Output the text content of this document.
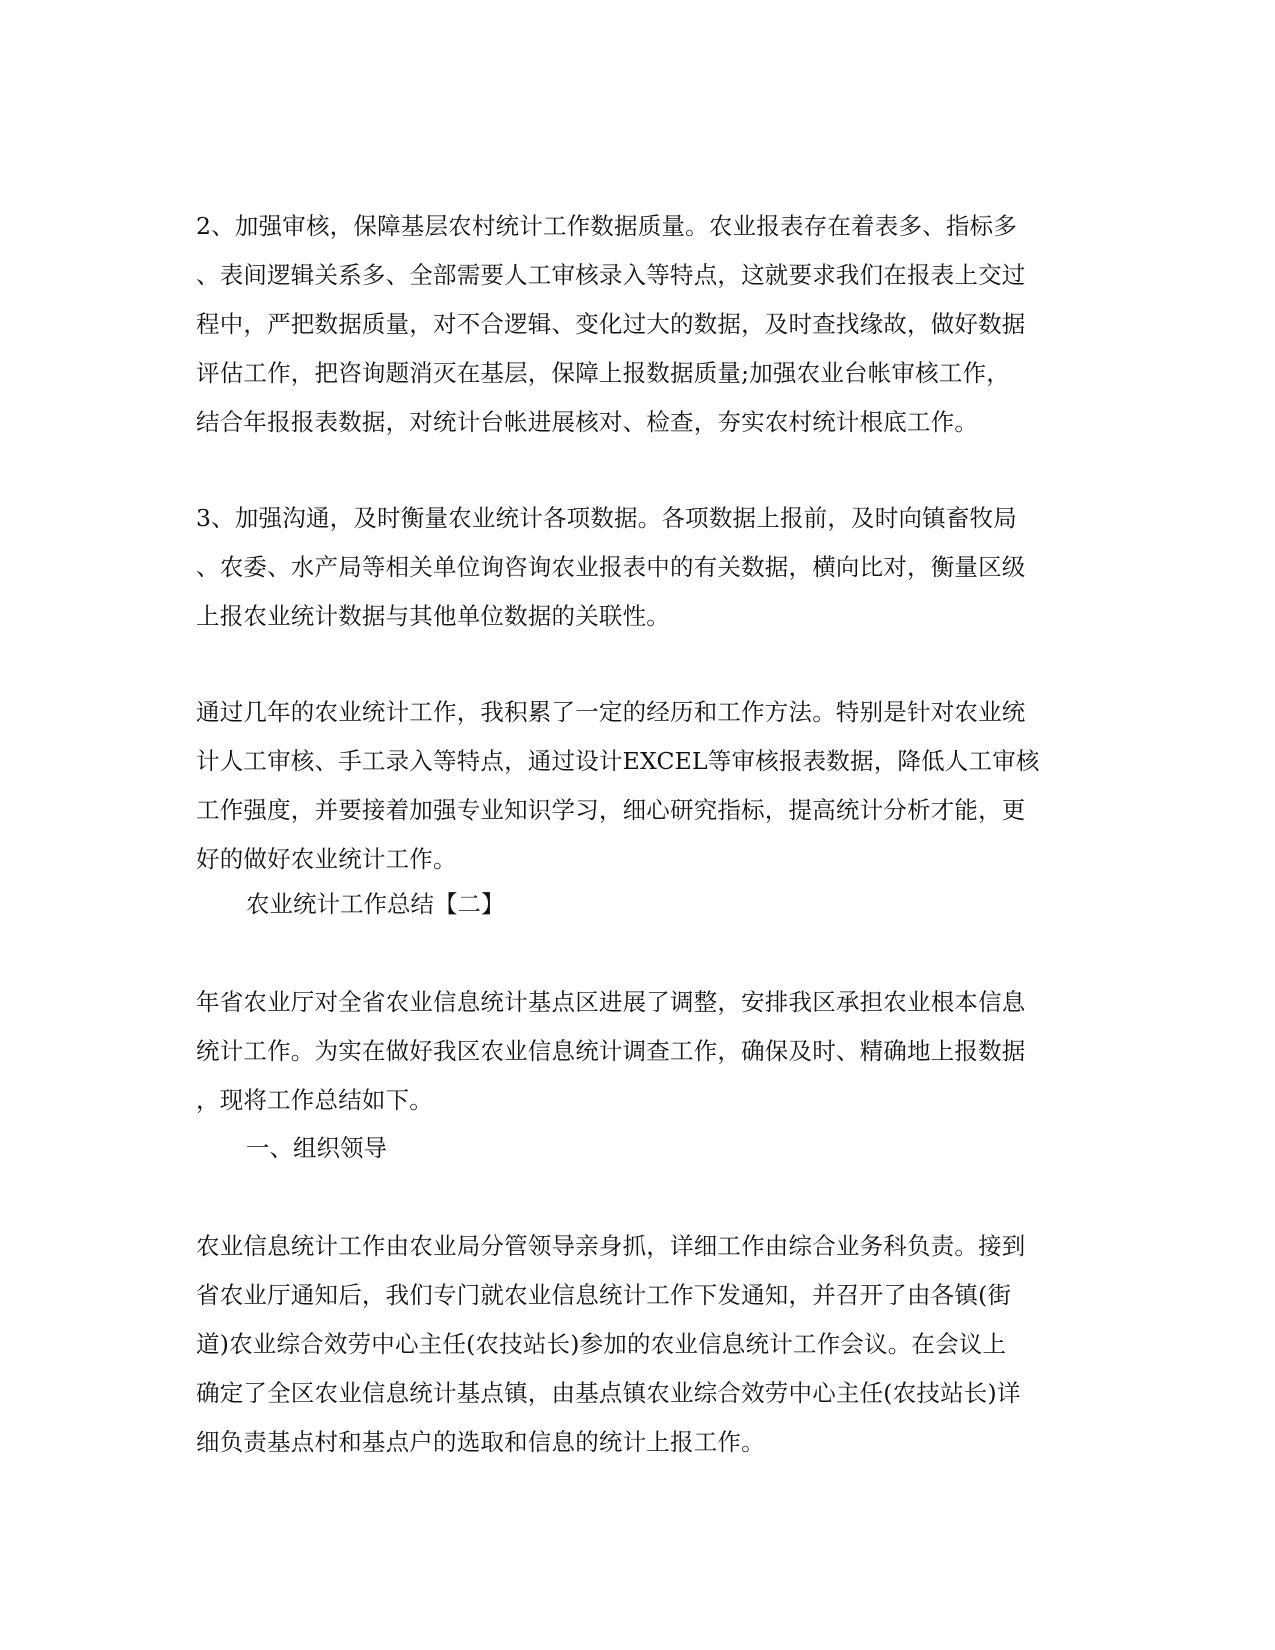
2、加强审核，保障基层农村统计工作数据质量。农业报表存在着表多、指标多
、表间逻辑关系多、全部需要人工审核录入等特点，这就要求我们在报表上交过
程中，严把数据质量，对不合逻辑、变化过大的数据，及时查找缘故，做好数据
评估工作，把咨询题消灭在基层，保障上报数据质量;加强农业台帐审核工作，
结合年报报表数据，对统计台帐进展核对、检查，夯实农村统计根底工作。
3、加强沟通，及时衡量农业统计各项数据。各项数据上报前，及时向镇畜牧局
、农委、水产局等相关单位询咨询农业报表中的有关数据，横向比对，衡量区级
上报农业统计数据与其他单位数据的关联性。
通过几年的农业统计工作，我积累了一定的经历和工作方法。特别是针对农业统
计人工审核、手工录入等特点，通过设计EXCEL等审核报表数据，降低人工审核
工作强度，并要接着加强专业知识学习，细心研究指标，提高统计分析才能，更
好的做好农业统计工作。
农业统计工作总结【二】
年省农业厅对全省农业信息统计基点区进展了调整，安排我区承担农业根本信息
统计工作。为实在做好我区农业信息统计调查工作，确保及时、精确地上报数据
，现将工作总结如下。
一、组织领导
农业信息统计工作由农业局分管领导亲身抓，详细工作由综合业务科负责。接到
省农业厅通知后，我们专门就农业信息统计工作下发通知，并召开了由各镇(街
道)农业综合效劳中心主任(农技站长)参加的农业信息统计工作会议。在会议上
确定了全区农业信息统计基点镇，由基点镇农业综合效劳中心主任(农技站长)详
细负责基点村和基点户的选取和信息的统计上报工作。
